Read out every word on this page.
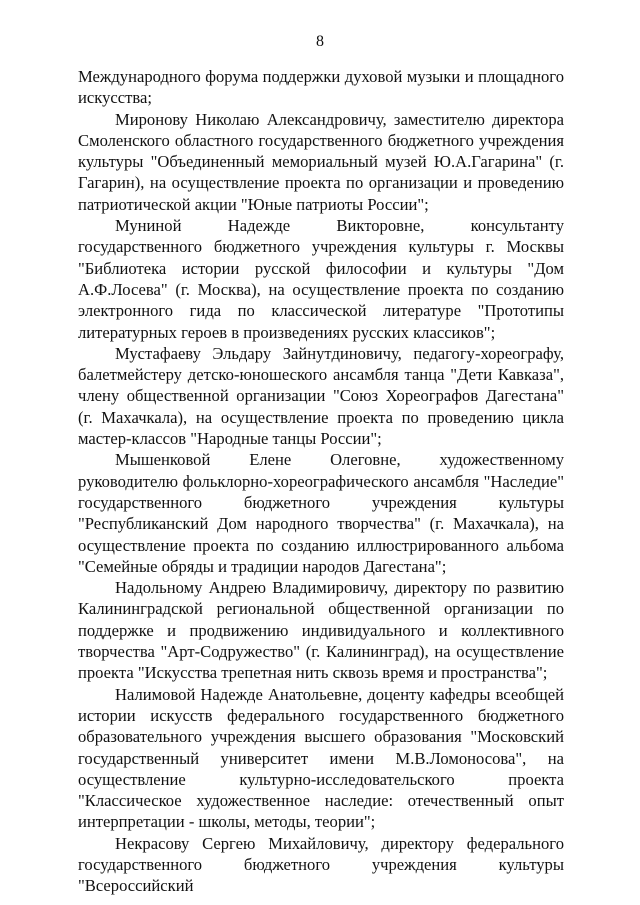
8

Международного форума поддержки духовой музыки и площадного искусства;

Миронову Николаю Александровичу, заместителю директора Смоленского областного государственного бюджетного учреждения культуры "Объединенный мемориальный музей Ю.А.Гагарина" (г. Гагарин), на осуществление проекта по организации и проведению патриотической акции "Юные патриоты России";

Муниной Надежде Викторовне, консультанту государственного бюджетного учреждения культуры г. Москвы "Библиотека истории русской философии и культуры "Дом А.Ф.Лосева" (г. Москва), на осуществление проекта по созданию электронного гида по классической литературе "Прототипы литературных героев в произведениях русских классиков";

Мустафаеву Эльдару Зайнутдиновичу, педагогу-хореографу, балетмейстеру детско-юношеского ансамбля танца "Дети Кавказа", члену общественной организации "Союз Хореографов Дагестана" (г. Махачкала), на осуществление проекта по проведению цикла мастер-классов "Народные танцы России";

Мышенковой Елене Олеговне, художественному руководителю фольклорно-хореографического ансамбля "Наследие" государственного бюджетного учреждения культуры "Республиканский Дом народного творчества" (г. Махачкала), на осуществление проекта по созданию иллюстрированного альбома "Семейные обряды и традиции народов Дагестана";

Надольному Андрею Владимировичу, директору по развитию Калининградской региональной общественной организации по поддержке и продвижению индивидуального и коллективного творчества "Арт-Содружество" (г. Калининград), на осуществление проекта "Искусства трепетная нить сквозь время и пространства";

Налимовой Надежде Анатольевне, доценту кафедры всеобщей истории искусств федерального государственного бюджетного образовательного учреждения высшего образования "Московский государственный университет имени М.В.Ломоносова", на осуществление культурно-исследовательского проекта "Классическое художественное наследие: отечественный опыт интерпретации - школы, методы, теории";

Некрасову Сергею Михайловичу, директору федерального государственного бюджетного учреждения культуры "Всероссийский
